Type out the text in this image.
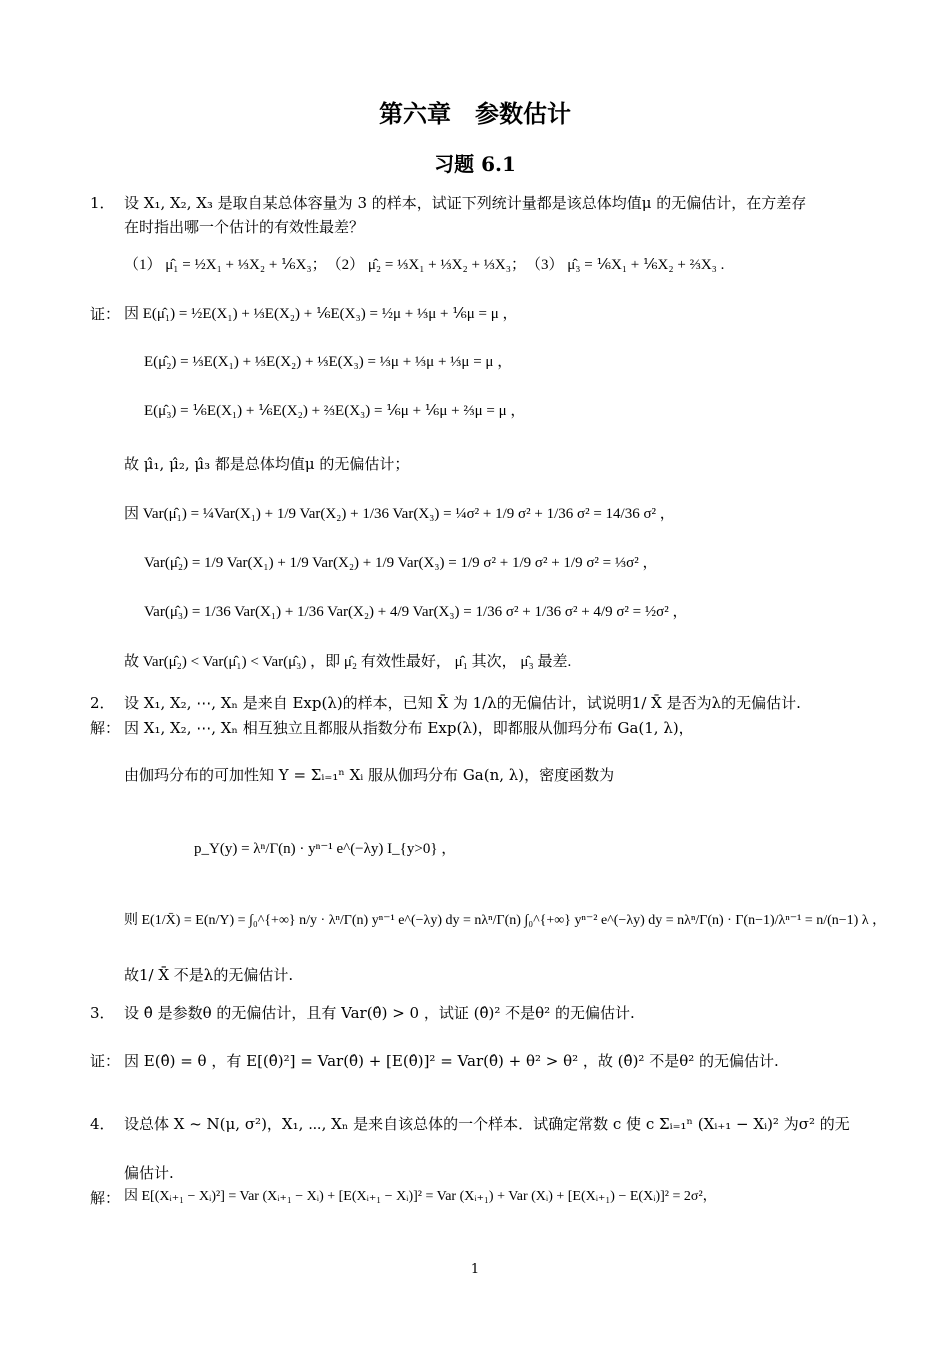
第六章　参数估计
习题 6.1
1． 设 X₁, X₂, X₃ 是取自某总体容量为 3 的样本，试证下列统计量都是该总体均值μ 的无偏估计，在方差存
在时指出哪一个估计的有效性最差？
（1） μ̂₁ = ½X₁ + ⅓X₂ + ⅙X₃；　（2） μ̂₂ = ⅓X₁ + ⅓X₂ + ⅓X₃；　（3） μ̂₃ = ⅙X₁ + ⅙X₂ + ⅔X₃ .
证： 因 E(μ̂₁) = ½E(X₁) + ⅓E(X₂) + ⅙E(X₃) = ½μ + ⅓μ + ⅙μ = μ ，
E(μ̂₂) = ⅓E(X₁) + ⅓E(X₂) + ⅓E(X₃) = ⅓μ + ⅓μ + ⅓μ = μ ，
E(μ̂₃) = ⅙E(X₁) + ⅙E(X₂) + ⅔E(X₃) = ⅙μ + ⅙μ + ⅔μ = μ ，
故 μ̂₁, μ̂₂, μ̂₃ 都是总体均值μ 的无偏估计；
因 Var(μ̂₁) = ¼Var(X₁) + 1/9 Var(X₂) + 1/36 Var(X₃) = ¼σ² + 1/9 σ² + 1/36 σ² = 14/36 σ² ，
Var(μ̂₂) = 1/9 Var(X₁) + 1/9 Var(X₂) + 1/9 Var(X₃) = 1/9 σ² + 1/9 σ² + 1/9 σ² = ⅓σ² ，
Var(μ̂₃) = 1/36 Var(X₁) + 1/36 Var(X₂) + 4/9 Var(X₃) = 1/36 σ² + 1/36 σ² + 4/9 σ² = ½σ² ，
故 Var(μ̂₂) < Var(μ̂₁) < Var(μ̂₃) ，即 μ̂₂ 有效性最好， μ̂₁ 其次， μ̂₃ 最差.
2． 设 X₁, X₂, ⋯, Xₙ 是来自 Exp(λ)的样本，已知 X̄ 为 1/λ的无偏估计，试说明1/ X̄ 是否为λ的无偏估计.
解： 因 X₁, X₂, ⋯, Xₙ 相互独立且都服从指数分布 Exp(λ)，即都服从伽玛分布 Ga(1, λ)，
由伽玛分布的可加性知 Y = Σᵢ₌₁ⁿ Xᵢ 服从伽玛分布 Ga(n, λ)，密度函数为
p_Y(y) = λⁿ/Γ(n) · yⁿ⁻¹ e^(−λy) I_{y>0} ，
则 E(1/X̄) = E(n/Y) = ∫₀^{+∞} n/y · λⁿ/Γ(n) yⁿ⁻¹ e^(−λy) dy = nλⁿ/Γ(n) ∫₀^{+∞} yⁿ⁻² e^(−λy) dy = nλⁿ/Γ(n) · Γ(n−1)/λⁿ⁻¹ = n/(n−1) λ ，
故1/ X̄ 不是λ的无偏估计.
3． 设 θ̂ 是参数θ 的无偏估计，且有 Var(θ̂) > 0 ，试证 (θ̂)² 不是θ² 的无偏估计.
证： 因 E(θ̂) = θ ，有 E[(θ̂)²] = Var(θ̂) + [E(θ̂)]² = Var(θ̂) + θ² > θ² ，故 (θ̂)² 不是θ² 的无偏估计.
4． 设总体 X ~ N(μ, σ²)，X₁, ⋯, Xₙ 是来自该总体的一个样本．试确定常数 c 使 c Σᵢ₌₁ⁿ (Xᵢ₊₁ − Xᵢ)² 为σ² 的无
偏估计.
解： 因 E[(Xᵢ₊₁ − Xᵢ)²] = Var (Xᵢ₊₁ − Xᵢ) + [E(Xᵢ₊₁ − Xᵢ)]² = Var (Xᵢ₊₁) + Var (Xᵢ) + [E(Xᵢ₊₁) − E(Xᵢ)]² = 2σ²，
1
